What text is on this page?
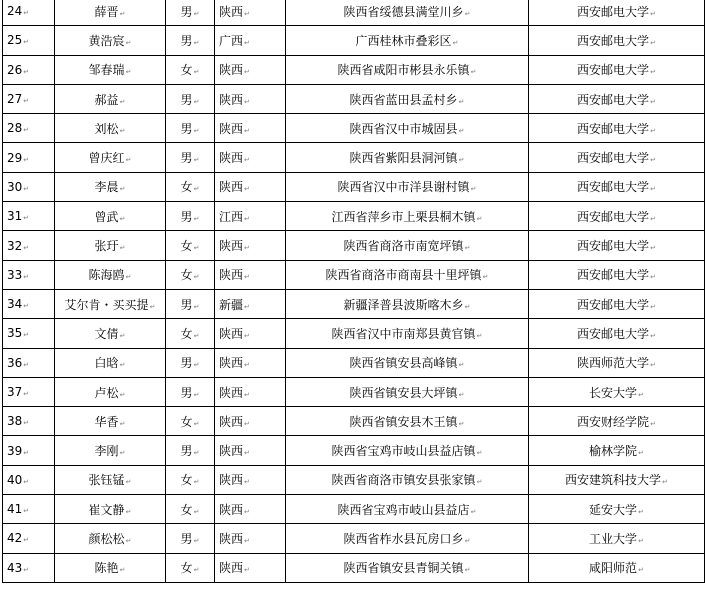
24↵	薛晋↵	男↵	陕西↵	陕西省绥德县满堂川乡↵	西安邮电大学↵
25↵	黄浩宸↵	男↵	广西↵	广西桂林市叠彩区↵	西安邮电大学↵
26↵	邹春瑞↵	女↵	陕西↵	陕西省咸阳市彬县永乐镇↵	西安邮电大学↵
27↵	郝益↵	男↵	陕西↵	陕西省蓝田县孟村乡↵	西安邮电大学↵
28↵	刘松↵	男↵	陕西↵	陕西省汉中市城固县↵	西安邮电大学↵
29↵	曾庆红↵	男↵	陕西↵	陕西省紫阳县洞河镇↵	西安邮电大学↵
30↵	李晨↵	女↵	陕西↵	陕西省汉中市洋县谢村镇↵	西安邮电大学↵
31↵	曾武↵	男↵	江西↵	江西省萍乡市上栗县桐木镇↵	西安邮电大学↵
32↵	张玗↵	女↵	陕西↵	陕西省商洛市南宽坪镇↵	西安邮电大学↵
33↵	陈海鸥↵	女↵	陕西↵	陕西省商洛市商南县十里坪镇↵	西安邮电大学↵
34↵	艾尔肯・买买提↵	男↵	新疆↵	新疆泽普县波斯喀木乡↵	西安邮电大学↵
35↵	文倩↵	女↵	陕西↵	陕西省汉中市南郑县黄官镇↵	西安邮电大学↵
36↵	白晗↵	男↵	陕西↵	陕西省镇安县高峰镇↵	陕西师范大学↵
37↵	卢松↵	男↵	陕西↵	陕西省镇安县大坪镇↵	长安大学↵
38↵	华香↵	女↵	陕西↵	陕西省镇安县木王镇↵	西安财经学院↵
39↵	李刚↵	男↵	陕西↵	陕西省宝鸡市岐山县益店镇↵	榆林学院↵
40↵	张钰锰↵	女↵	陕西↵	陕西省商洛市镇安县张家镇↵	西安建筑科技大学↵
41↵	崔文静↵	女↵	陕西↵	陕西省宝鸡市岐山县益店↵	延安大学↵
42↵	颜松松↵	男↵	陕西↵	陕西省柞水县瓦房口乡↵	工业大学↵
43↵	陈艳↵	女↵	陕西↵	陕西省镇安县青铜关镇↵	咸阳师范↵
